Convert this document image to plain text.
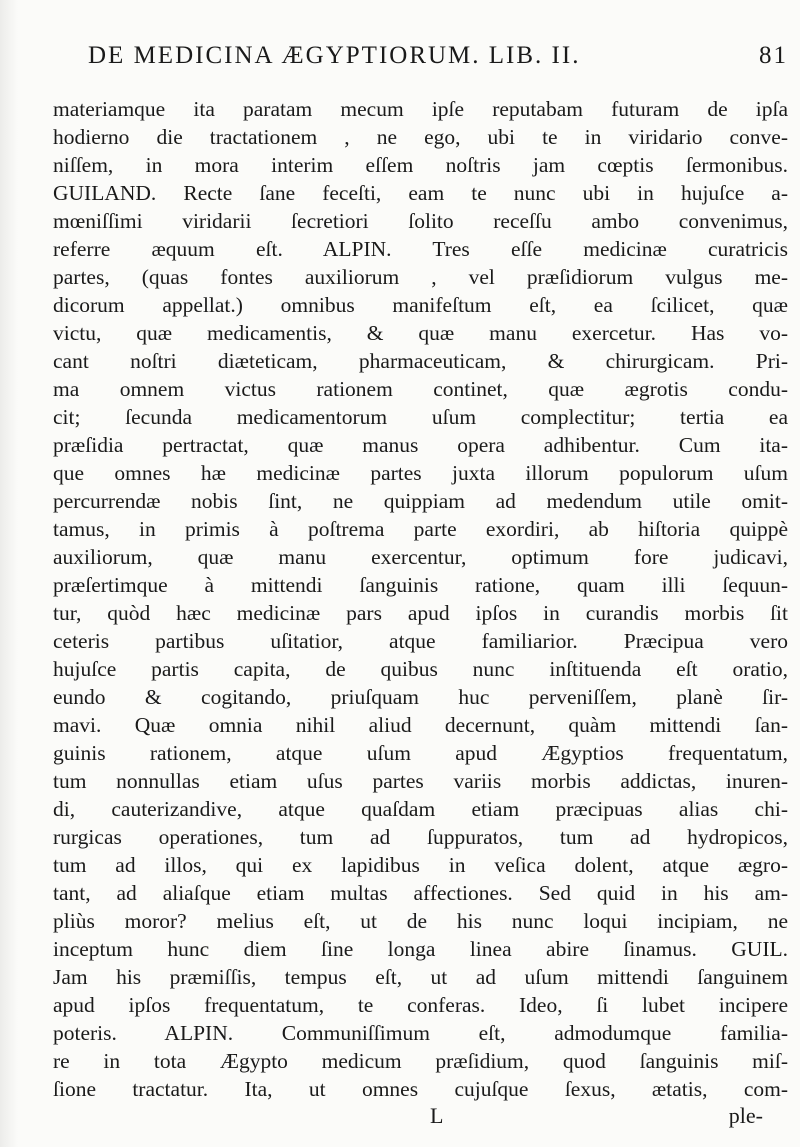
DE MEDICINA ÆGYPTIORUM. LIB. II.	81
materiamque ita paratam mecum ipſe reputabam futuram de ipſa
hodierno die tractationem , ne ego, ubi te in viridario conve-
niſſem, in mora interim eſſem noſtris jam cœptis ſermonibus.
GUILAND. Recte ſane feceſti, eam te nunc ubi in hujuſce a-
mœniſſimi viridarii ſecretiori ſolito receſſu ambo convenimus,
referre æquum eſt. ALPIN. Tres eſſe medicinæ curatricis
partes, (quas fontes auxiliorum , vel præſidiorum vulgus me-
dicorum appellat.) omnibus manifeſtum eſt, ea ſcilicet, quæ
victu, quæ medicamentis, & quæ manu exercetur. Has vo-
cant noſtri diæteticam, pharmaceuticam, & chirurgicam. Pri-
ma omnem victus rationem continet, quæ ægrotis condu-
cit; ſecunda medicamentorum uſum complectitur; tertia ea
præſidia pertractat, quæ manus opera adhibentur. Cum ita-
que omnes hæ medicinæ partes juxta illorum populorum uſum
percurrendæ nobis ſint, ne quippiam ad medendum utile omit-
tamus, in primis à poſtrema parte exordiri, ab hiſtoria quippè
auxiliorum, quæ manu exercentur, optimum fore judicavi,
præſertimque à mittendi ſanguinis ratione, quam illi ſequun-
tur, quòd hæc medicinæ pars apud ipſos in curandis morbis ſit
ceteris partibus uſitatior, atque familiarior. Præcipua vero
hujuſce partis capita, de quibus nunc inſtituenda eſt oratio,
eundo & cogitando, priuſquam huc perveniſſem, planè ſir-
mavi. Quæ omnia nihil aliud decernunt, quàm mittendi ſan-
guinis rationem, atque uſum apud Ægyptios frequentatum,
tum nonnullas etiam uſus partes variis morbis addictas, inuren-
di, cauterizandive, atque quaſdam etiam præcipuas alias chi-
rurgicas operationes, tum ad ſuppuratos, tum ad hydropicos,
tum ad illos, qui ex lapidibus in veſica dolent, atque ægro-
tant, ad aliaſque etiam multas affectiones. Sed quid in his am-
pliùs moror? melius eſt, ut de his nunc loqui incipiam, ne
inceptum hunc diem ſine longa linea abire ſinamus. GUIL.
Jam his præmiſſis, tempus eſt, ut ad uſum mittendi ſanguinem
apud ipſos frequentatum, te conferas. Ideo, ſi lubet incipere
poteris. ALPIN. Communiſſimum eſt, admodumque familia-
re in tota Ægypto medicum præſidium, quod ſanguinis miſ-
ſione tractatur. Ita, ut omnes cujuſque ſexus, ætatis, com-
L	ple-
